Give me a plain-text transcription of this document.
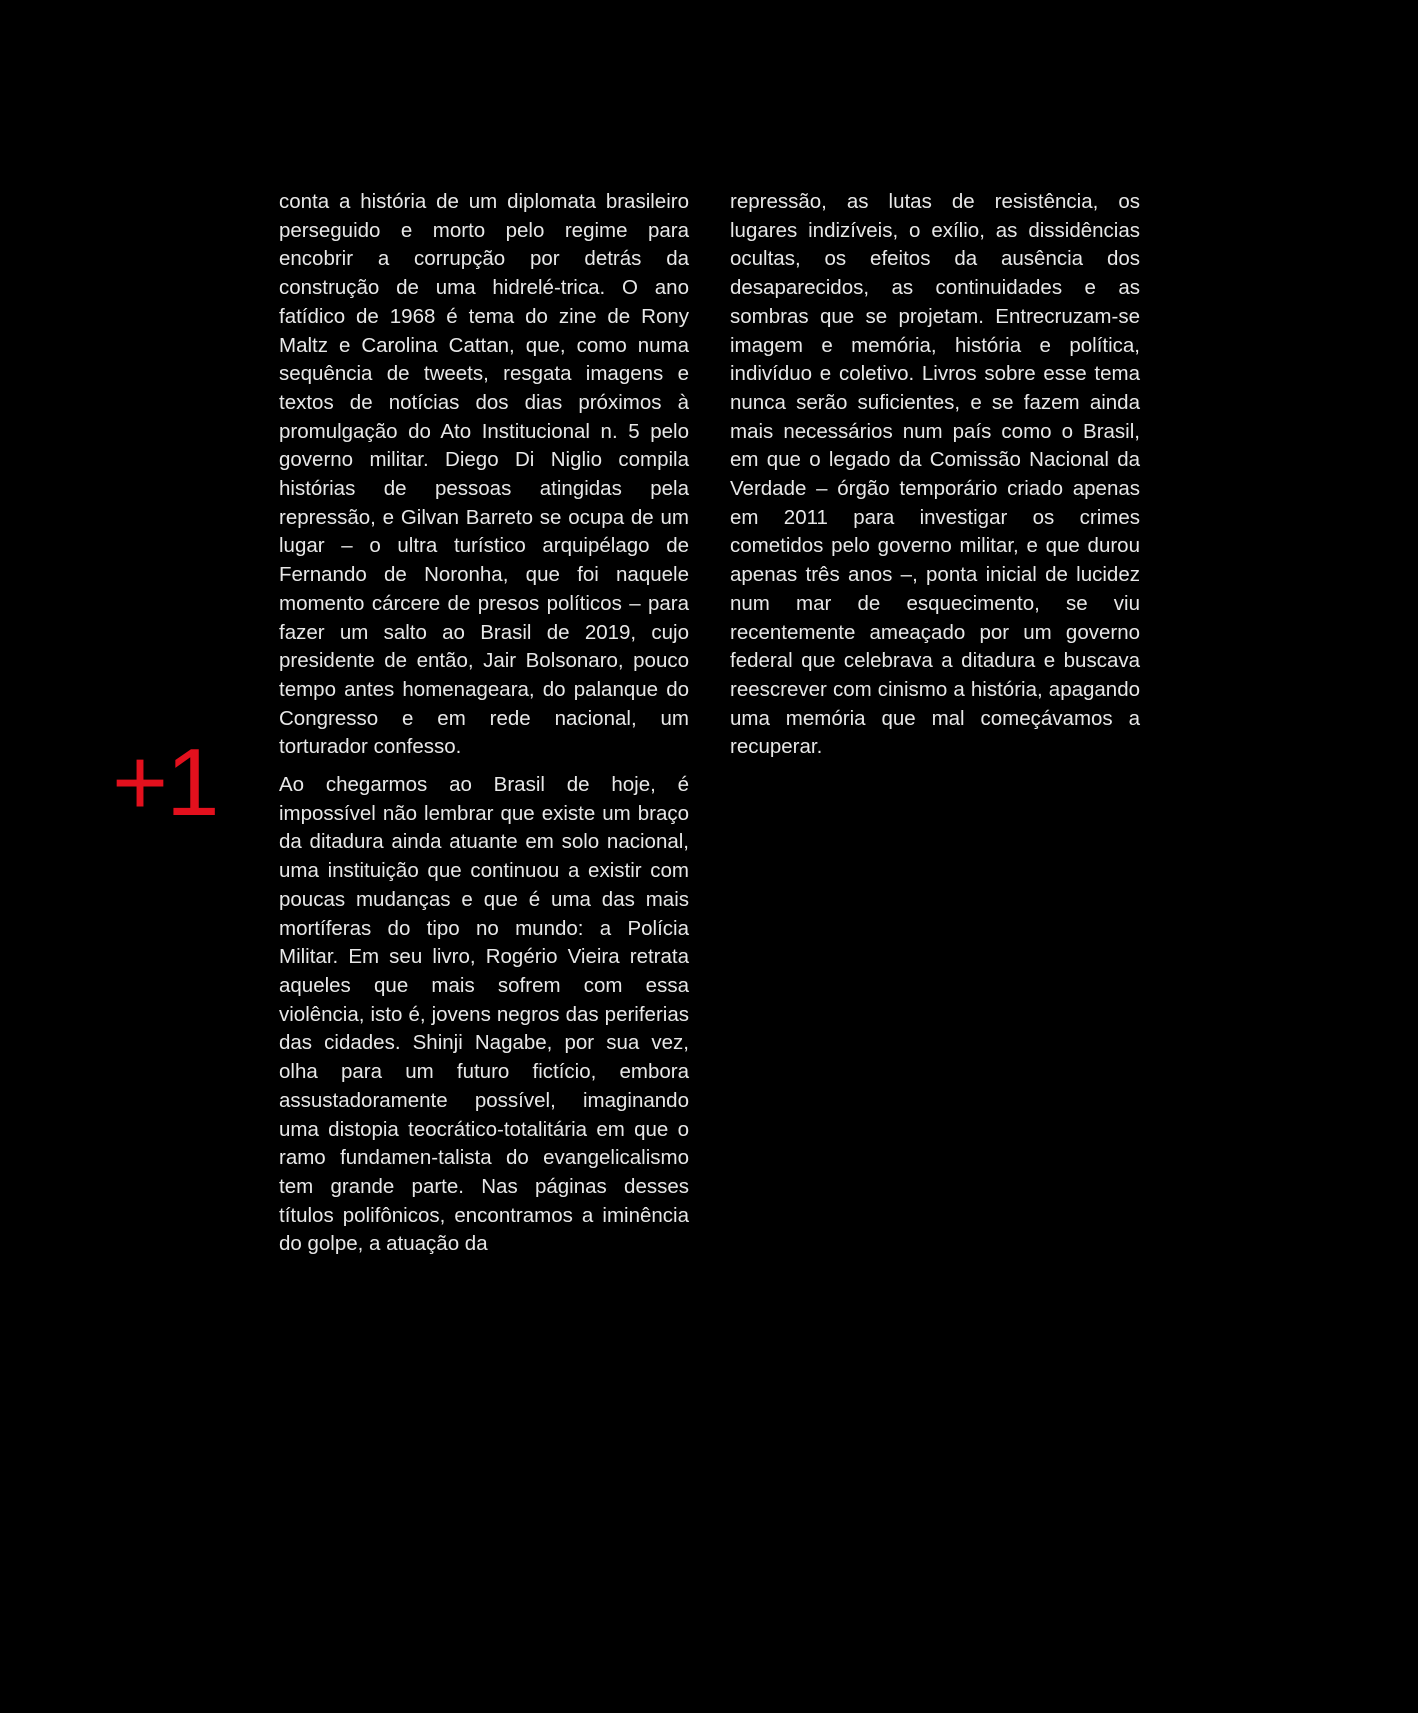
+1

conta a história de um diplomata brasileiro perseguido e morto pelo regime para encobrir a corrupção por detrás da construção de uma hidrelé-trica. O ano fatídico de 1968 é tema do zine de Rony Maltz e Carolina Cattan, que, como numa sequência de tweets, resgata imagens e textos de notícias dos dias próximos à promulgação do Ato Institucional n. 5 pelo governo militar. Diego Di Niglio compila histórias de pessoas atingidas pela repressão, e Gilvan Barreto se ocupa de um lugar – o ultra turístico arquipélago de Fernando de Noronha, que foi naquele momento cárcere de presos políticos – para fazer um salto ao Brasil de 2019, cujo presidente de então, Jair Bolsonaro, pouco tempo antes homenageara, do palanque do Congresso e em rede nacional, um torturador confesso.

Ao chegarmos ao Brasil de hoje, é impossível não lembrar que existe um braço da ditadura ainda atuante em solo nacional, uma instituição que continuou a existir com poucas mudanças e que é uma das mais mortíferas do tipo no mundo: a Polícia Militar. Em seu livro, Rogério Vieira retrata aqueles que mais sofrem com essa violência, isto é, jovens negros das periferias das cidades. Shinji Nagabe, por sua vez, olha para um futuro fictício, embora assustadoramente possível, imaginando uma distopia teocrático-totalitária em que o ramo fundamen-talista do evangelicalismo tem grande parte. Nas páginas desses títulos polifônicos, encontramos a iminência do golpe, a atuação da

repressão, as lutas de resistência, os lugares indizíveis, o exílio, as dissidências ocultas, os efeitos da ausência dos desaparecidos, as continuidades e as sombras que se projetam. Entrecruzam-se imagem e memória, história e política, indivíduo e coletivo. Livros sobre esse tema nunca serão suficientes, e se fazem ainda mais necessários num país como o Brasil, em que o legado da Comissão Nacional da Verdade – órgão temporário criado apenas em 2011 para investigar os crimes cometidos pelo governo militar, e que durou apenas três anos –, ponta inicial de lucidez num mar de esquecimento, se viu recentemente ameaçado por um governo federal que celebrava a ditadura e buscava reescrever com cinismo a história, apagando uma memória que mal começávamos a recuperar.
